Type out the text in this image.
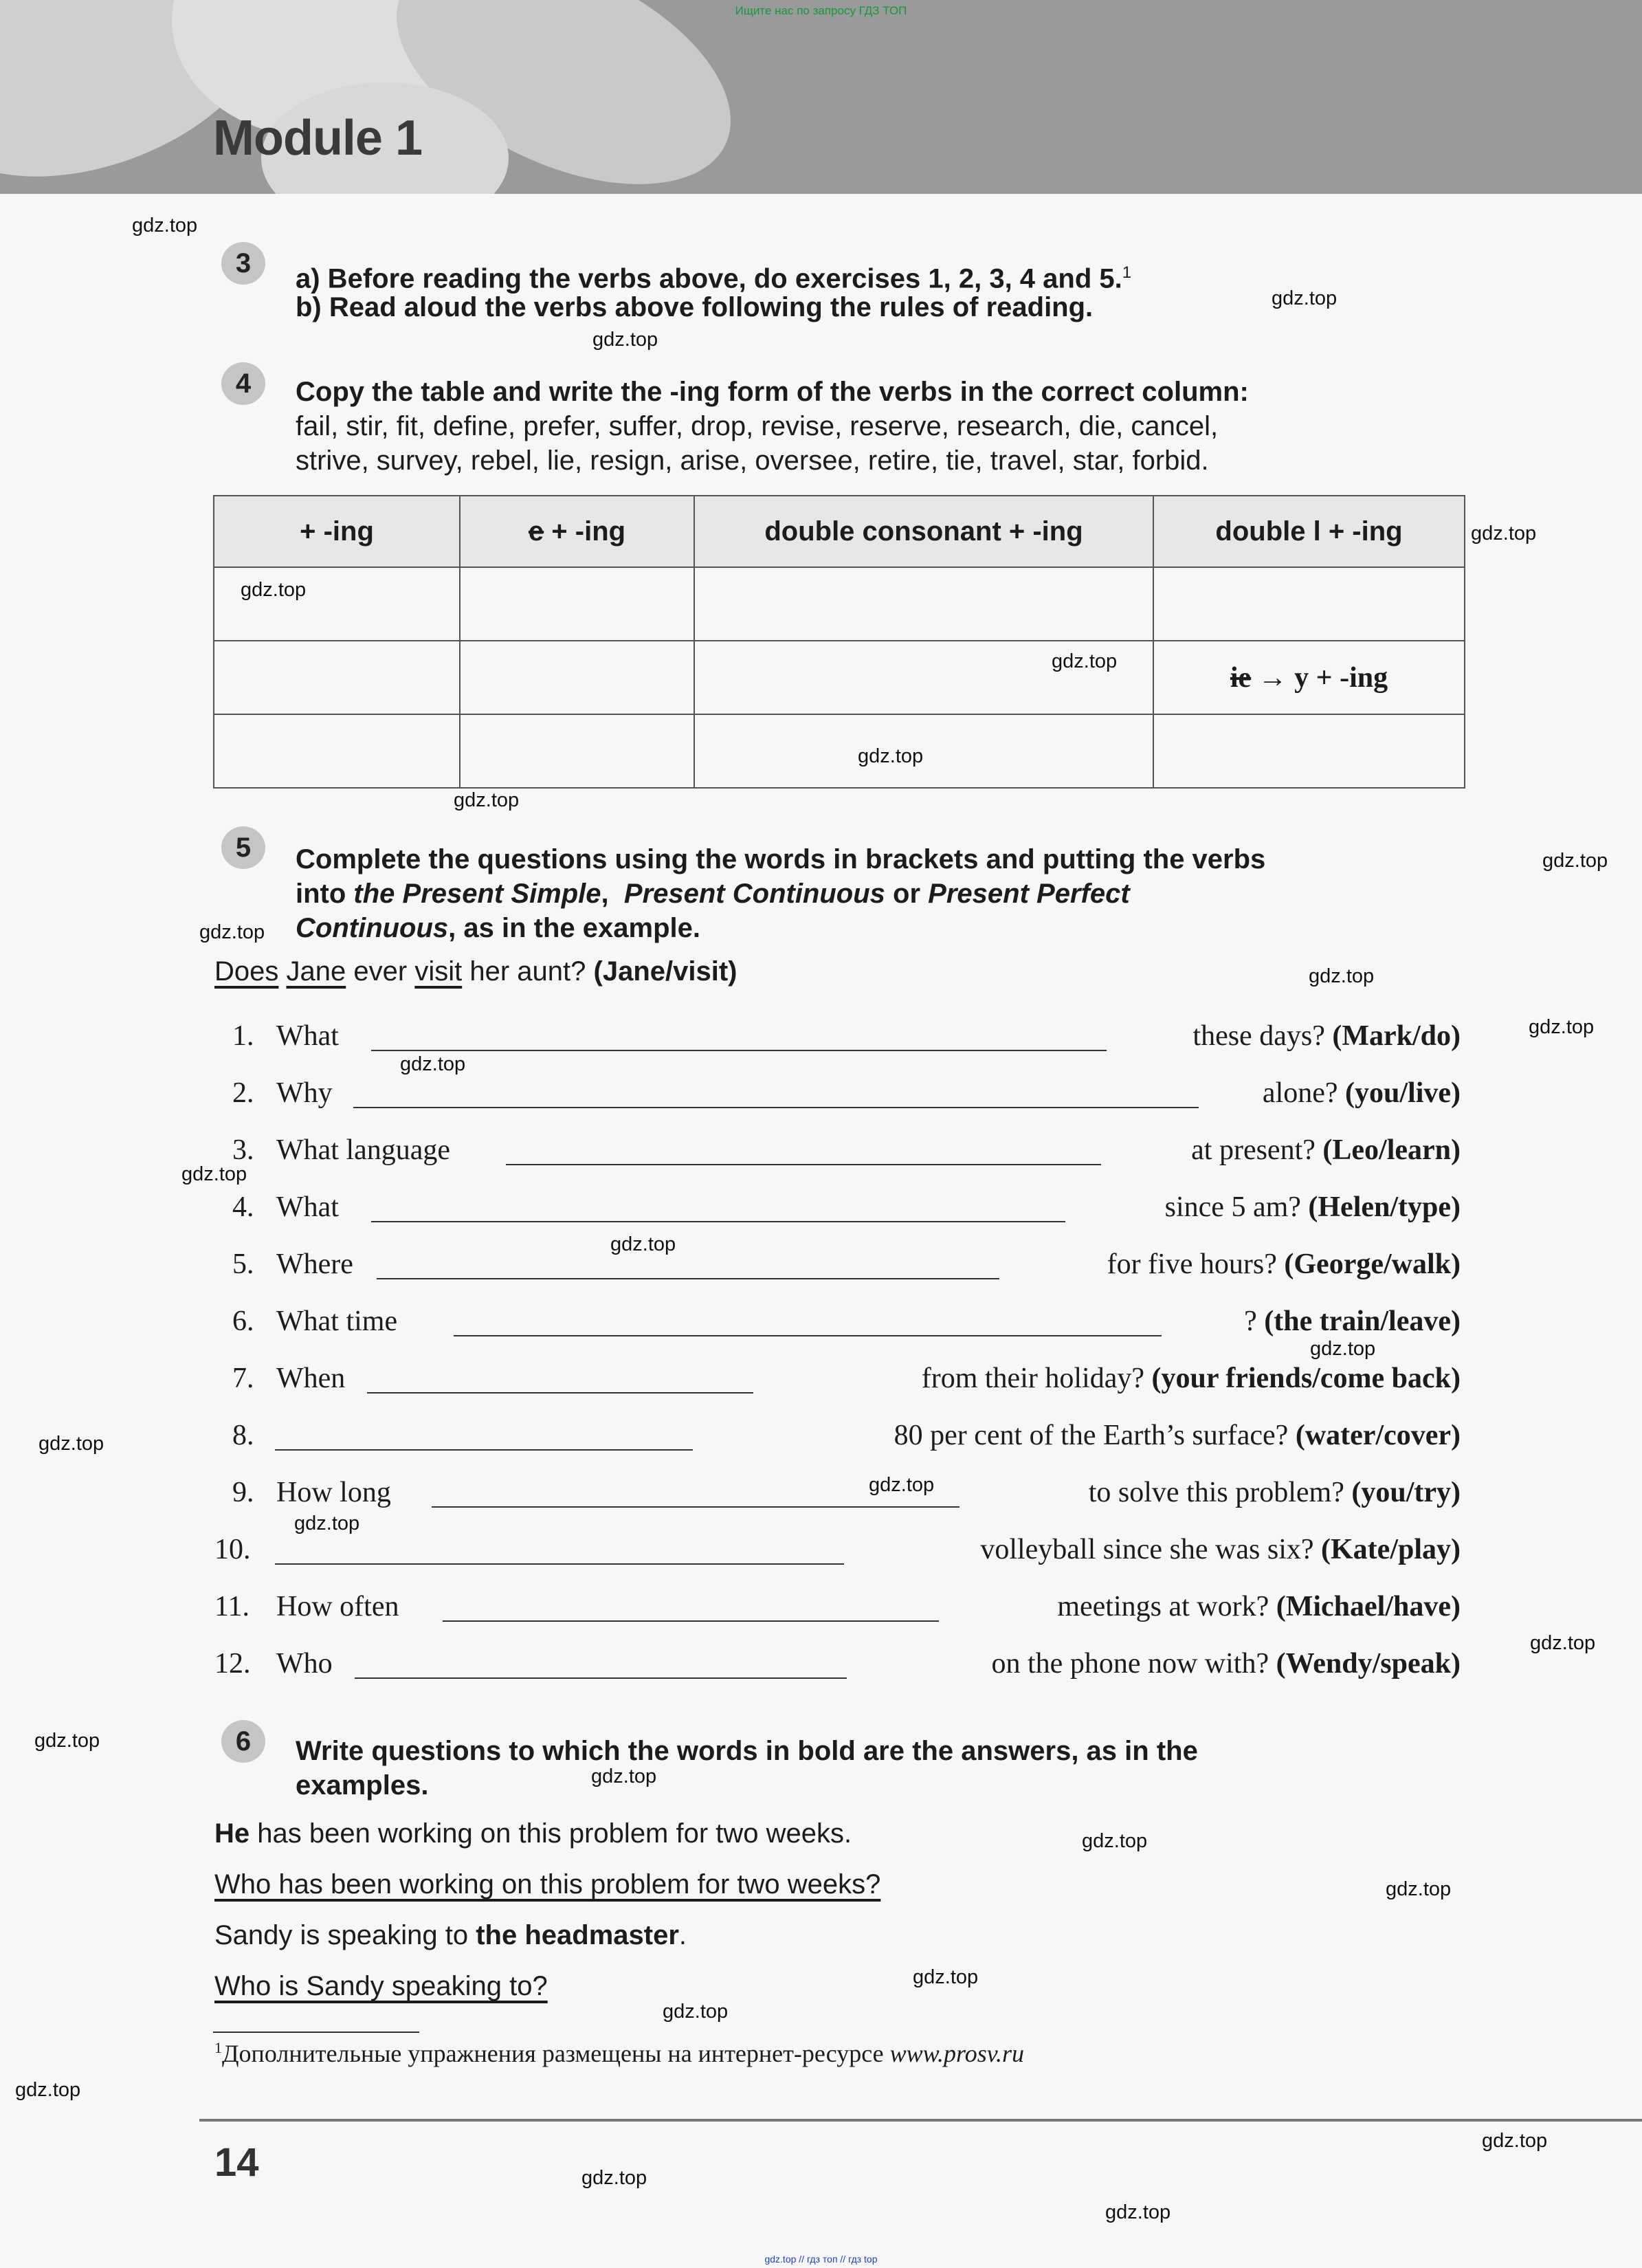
Ищите нас по запросу ГДЗ ТОП
Module 1
gdz.top
gdz.top
gdz.top
gdz.top
gdz.top
gdz.top
gdz.top
gdz.top
gdz.top
gdz.top
gdz.top
gdz.top
gdz.top
gdz.top
gdz.top
gdz.top
gdz.top
gdz.top
gdz.top
gdz.top
gdz.top
gdz.top
gdz.top
gdz.top
gdz.top
gdz.top
gdz.top
gdz.top
gdz.top
gdz.top
3
a) Before reading the verbs above, do exercises 1, 2, 3, 4 and 5.$^1$
b) Read aloud the verbs above following the rules of reading.
4	Copy the table and write the -ing form of the verbs in the correct column:
fail, stir, fit, define, prefer, suffer, drop, revise, reserve, research, die, cancel,
strive, survey, rebel, lie, resign, arise, oversee, retire, tie, travel, star, forbid.
+ -ing	e + -ing	double consonant + -ing	double l + -ing

			ie → y + -ing

5	Complete the questions using the words in brackets and putting the verbs
into the Present Simple,  Present Continuous or Present Perfect
Continuous, as in the example.
Does Jane ever visit her aunt? (Jane/visit)
1. What	these days? (Mark/do)
2. Why	alone? (you/live)
3. What language	at present? (Leo/learn)
4. What	since 5 am? (Helen/type)
5. Where	for five hours? (George/walk)
6. What time	? (the train/leave)
7. When	from their holiday? (your friends/come back)
8.	80 per cent of the Earth’s surface? (water/cover)
9. How long	to solve this problem? (you/try)
10.	volleyball since she was six? (Kate/play)
11. How often	meetings at work? (Michael/have)
12. Who	on the phone now with? (Wendy/speak)
6	Write questions to which the words in bold are the answers, as in the
examples.
He has been working on this problem for two weeks.
Who has been working on this problem for two weeks?
Sandy is speaking to the headmaster.
Who is Sandy speaking to?
$^1$Дополнительные упражнения размещены на интернет-ресурсе www.prosv.ru
14
gdz.top // гдз топ // гдз top
